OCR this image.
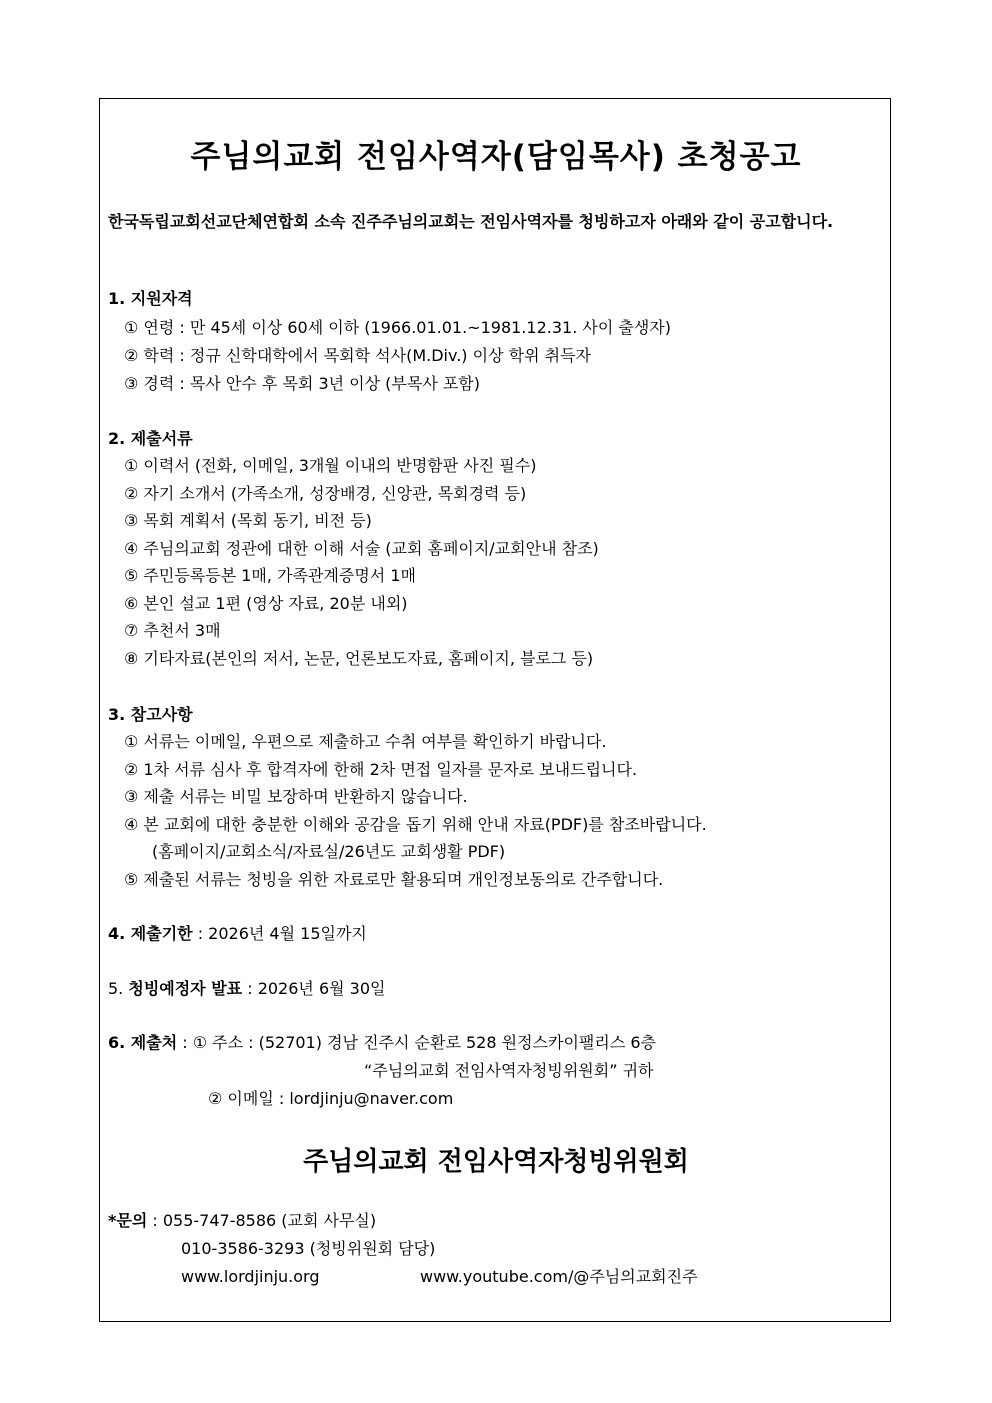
주님의교회 전임사역자(담임목사) 초청공고
한국독립교회선교단체연합회 소속 진주주님의교회는 전임사역자를 청빙하고자 아래와 같이 공고합니다.
1. 지원자격
① 연령 : 만 45세 이상 60세 이하 (1966.01.01.~1981.12.31. 사이 출생자)
② 학력 : 정규 신학대학에서 목회학 석사(M.Div.) 이상 학위 취득자
③ 경력 : 목사 안수 후 목회 3년 이상 (부목사 포함)
2. 제출서류
① 이력서 (전화, 이메일, 3개월 이내의 반명함판 사진 필수)
② 자기 소개서 (가족소개, 성장배경, 신앙관, 목회경력 등)
③ 목회 계획서 (목회 동기, 비전 등)
④ 주님의교회 정관에 대한 이해 서술 (교회 홈페이지/교회안내 참조)
⑤ 주민등록등본 1매, 가족관계증명서 1매
⑥ 본인 설교 1편 (영상 자료, 20분 내외)
⑦ 추천서 3매
⑧ 기타자료(본인의 저서, 논문, 언론보도자료, 홈페이지, 블로그 등)
3. 참고사항
① 서류는 이메일, 우편으로 제출하고 수취 여부를 확인하기 바랍니다.
② 1차 서류 심사 후 합격자에 한해 2차 면접 일자를 문자로 보내드립니다.
③ 제출 서류는 비밀 보장하며 반환하지 않습니다.
④ 본 교회에 대한 충분한 이해와 공감을 돕기 위해 안내 자료(PDF)를 참조바랍니다.
(홈페이지/교회소식/자료실/26년도 교회생활 PDF)
⑤ 제출된 서류는 청빙을 위한 자료로만 활용되며 개인정보동의로 간주합니다.
4. 제출기한 : 2026년 4월 15일까지
5. 청빙예정자 발표 : 2026년 6월 30일
6. 제출처 : ① 주소 : (52701) 경남 진주시 순환로 528 원정스카이팰리스 6층
“주님의교회 전임사역자청빙위원회” 귀하
② 이메일 : lordjinju@naver.com
주님의교회 전임사역자청빙위원회
*문의 : 055-747-8586 (교회 사무실)
010-3586-3293 (청빙위원회 담당)
www.lordjinju.org	www.youtube.com/@주님의교회진주
